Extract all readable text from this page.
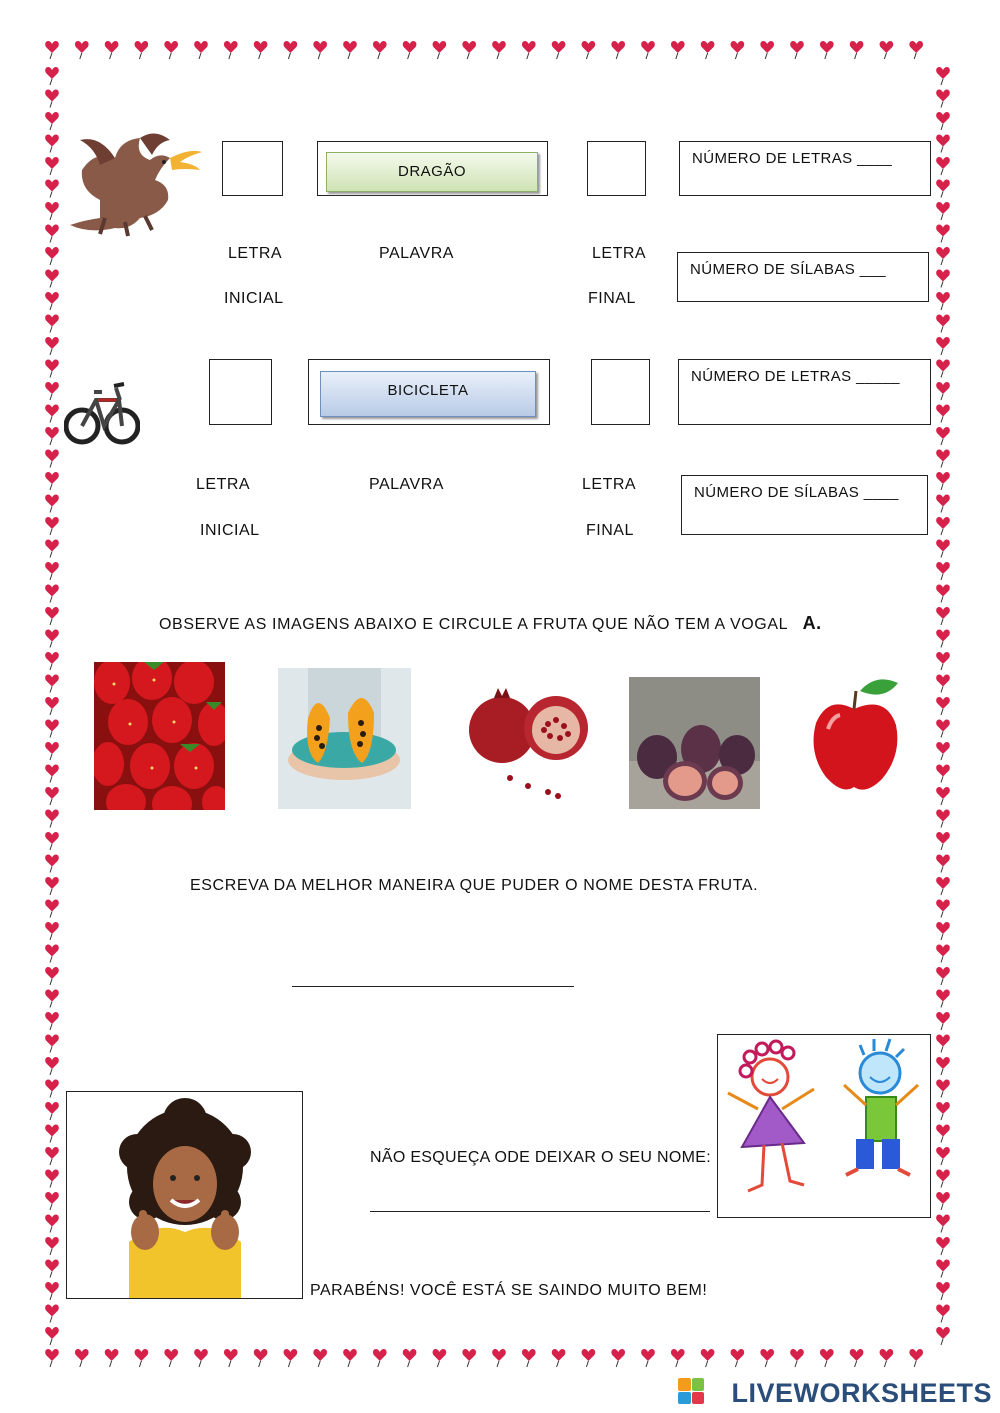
DRAGÃO
NÚMERO DE LETRAS ____
LETRA
INICIAL
PALAVRA	LETRA
FINAL
NÚMERO DE SÍLABAS ___
BICICLETA
NÚMERO DE LETRAS _____
LETRA
INICIAL
PALAVRA	LETRA
FINAL
NÚMERO DE SÍLABAS ____
OBSERVE AS IMAGENS ABAIXO E CIRCULE A FRUTA QUE NÃO TEM A VOGAL A.
ESCREVA DA MELHOR MANEIRA QUE PUDER O NOME DESTA FRUTA.
NÃO ESQUEÇA ODE DEIXAR O SEU NOME:
PARABÉNS! VOCÊ ESTÁ SE SAINDO MUITO BEM!
LIVEWORKSHEETS
